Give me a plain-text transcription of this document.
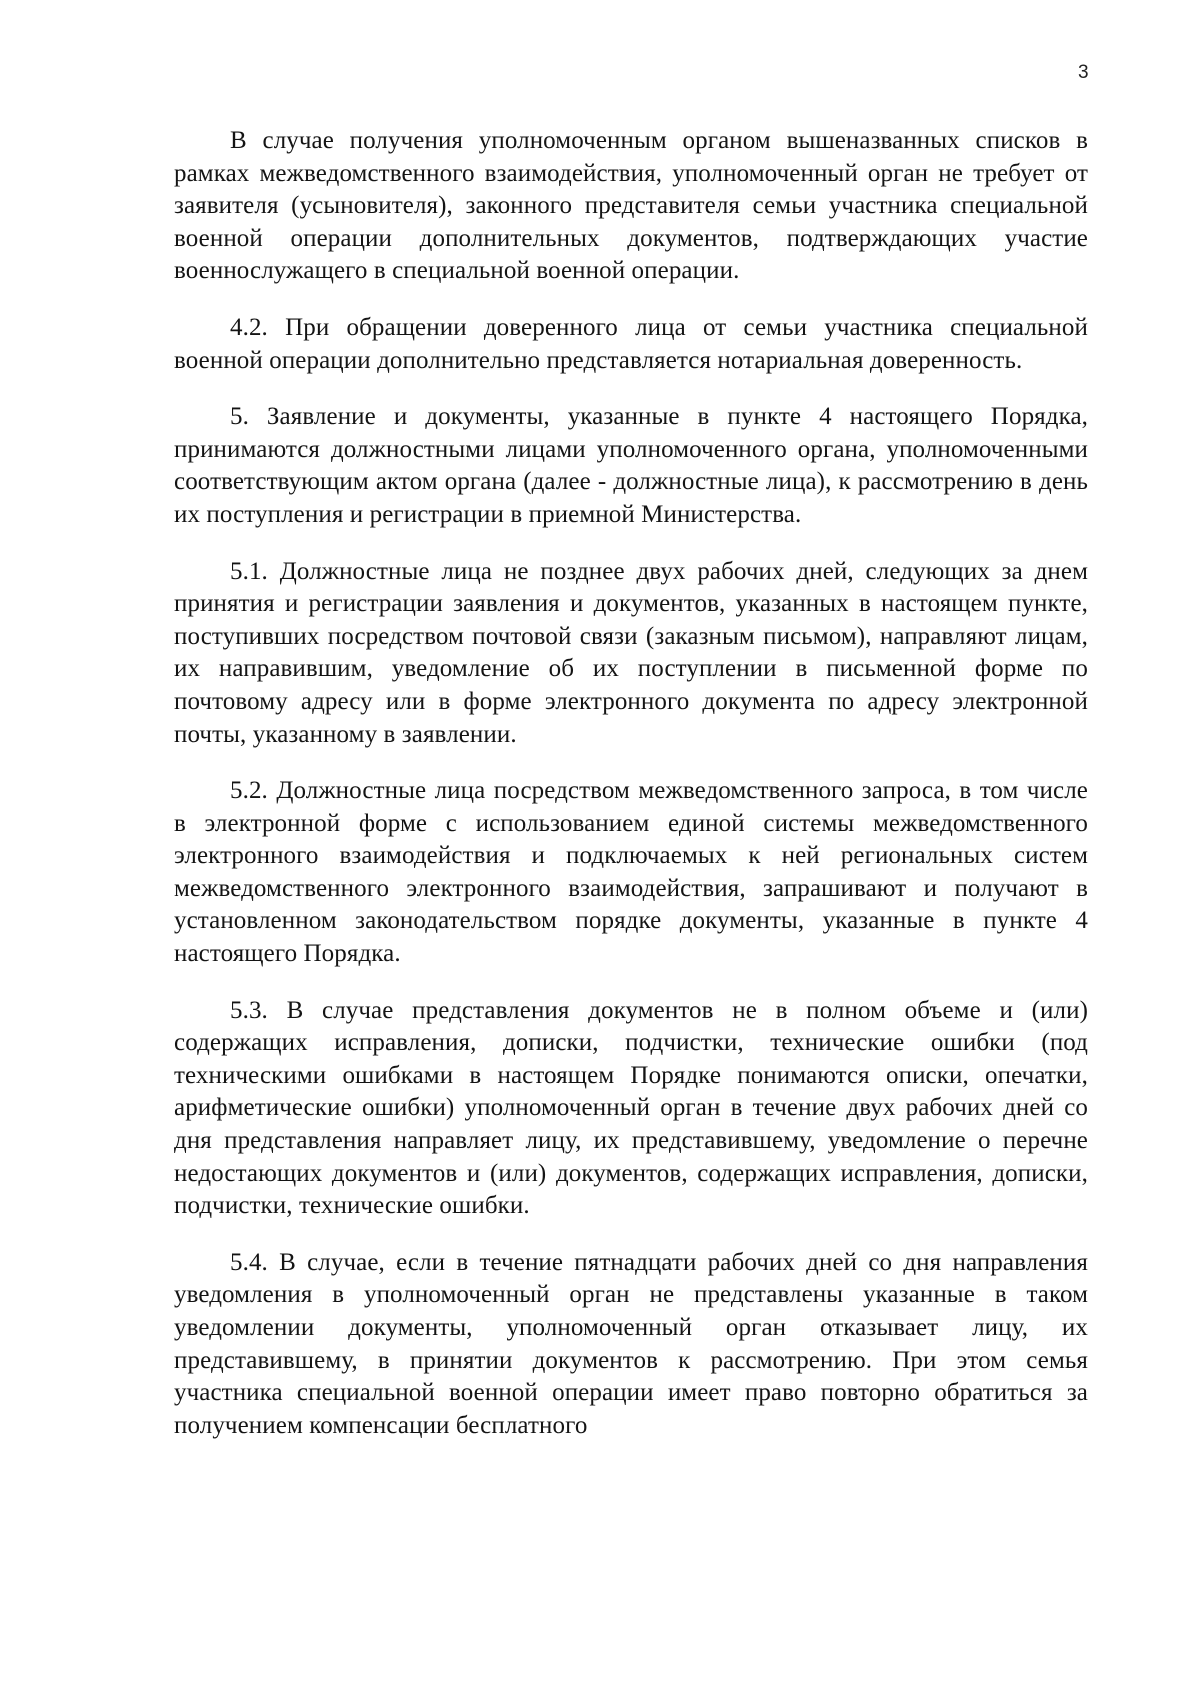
3

В случае получения уполномоченным органом вышеназванных списков в рамках межведомственного взаимодействия, уполномоченный орган не требует от заявителя (усыновителя), законного представителя семьи участника специальной военной операции дополнительных документов, подтверждающих участие военнослужащего в специальной военной операции.

4.2. При обращении доверенного лица от семьи участника специальной военной операции дополнительно представляется нотариальная доверенность.

5. Заявление и документы, указанные в пункте 4 настоящего Порядка, принимаются должностными лицами уполномоченного органа, уполномоченными соответствующим актом органа (далее - должностные лица), к рассмотрению в день их поступления и регистрации в приемной Министерства.

5.1. Должностные лица не позднее двух рабочих дней, следующих за днем принятия и регистрации заявления и документов, указанных в настоящем пункте, поступивших посредством почтовой связи (заказным письмом), направляют лицам, их направившим, уведомление об их поступлении в письменной форме по почтовому адресу или в форме электронного документа по адресу электронной почты, указанному в заявлении.

5.2. Должностные лица посредством межведомственного запроса, в том числе в электронной форме с использованием единой системы межведомственного электронного взаимодействия и подключаемых к ней региональных систем межведомственного электронного взаимодействия, запрашивают и получают в установленном законодательством порядке документы, указанные в пункте 4 настоящего Порядка.

5.3. В случае представления документов не в полном объеме и (или) содержащих исправления, дописки, подчистки, технические ошибки (под техническими ошибками в настоящем Порядке понимаются описки, опечатки, арифметические ошибки) уполномоченный орган в течение двух рабочих дней со дня представления направляет лицу, их представившему, уведомление о перечне недостающих документов и (или) документов, содержащих исправления, дописки, подчистки, технические ошибки.

5.4. В случае, если в течение пятнадцати рабочих дней со дня направления уведомления в уполномоченный орган не представлены указанные в таком уведомлении документы, уполномоченный орган отказывает лицу, их представившему, в принятии документов к рассмотрению. При этом семья участника специальной военной операции имеет право повторно обратиться за получением компенсации бесплатного
